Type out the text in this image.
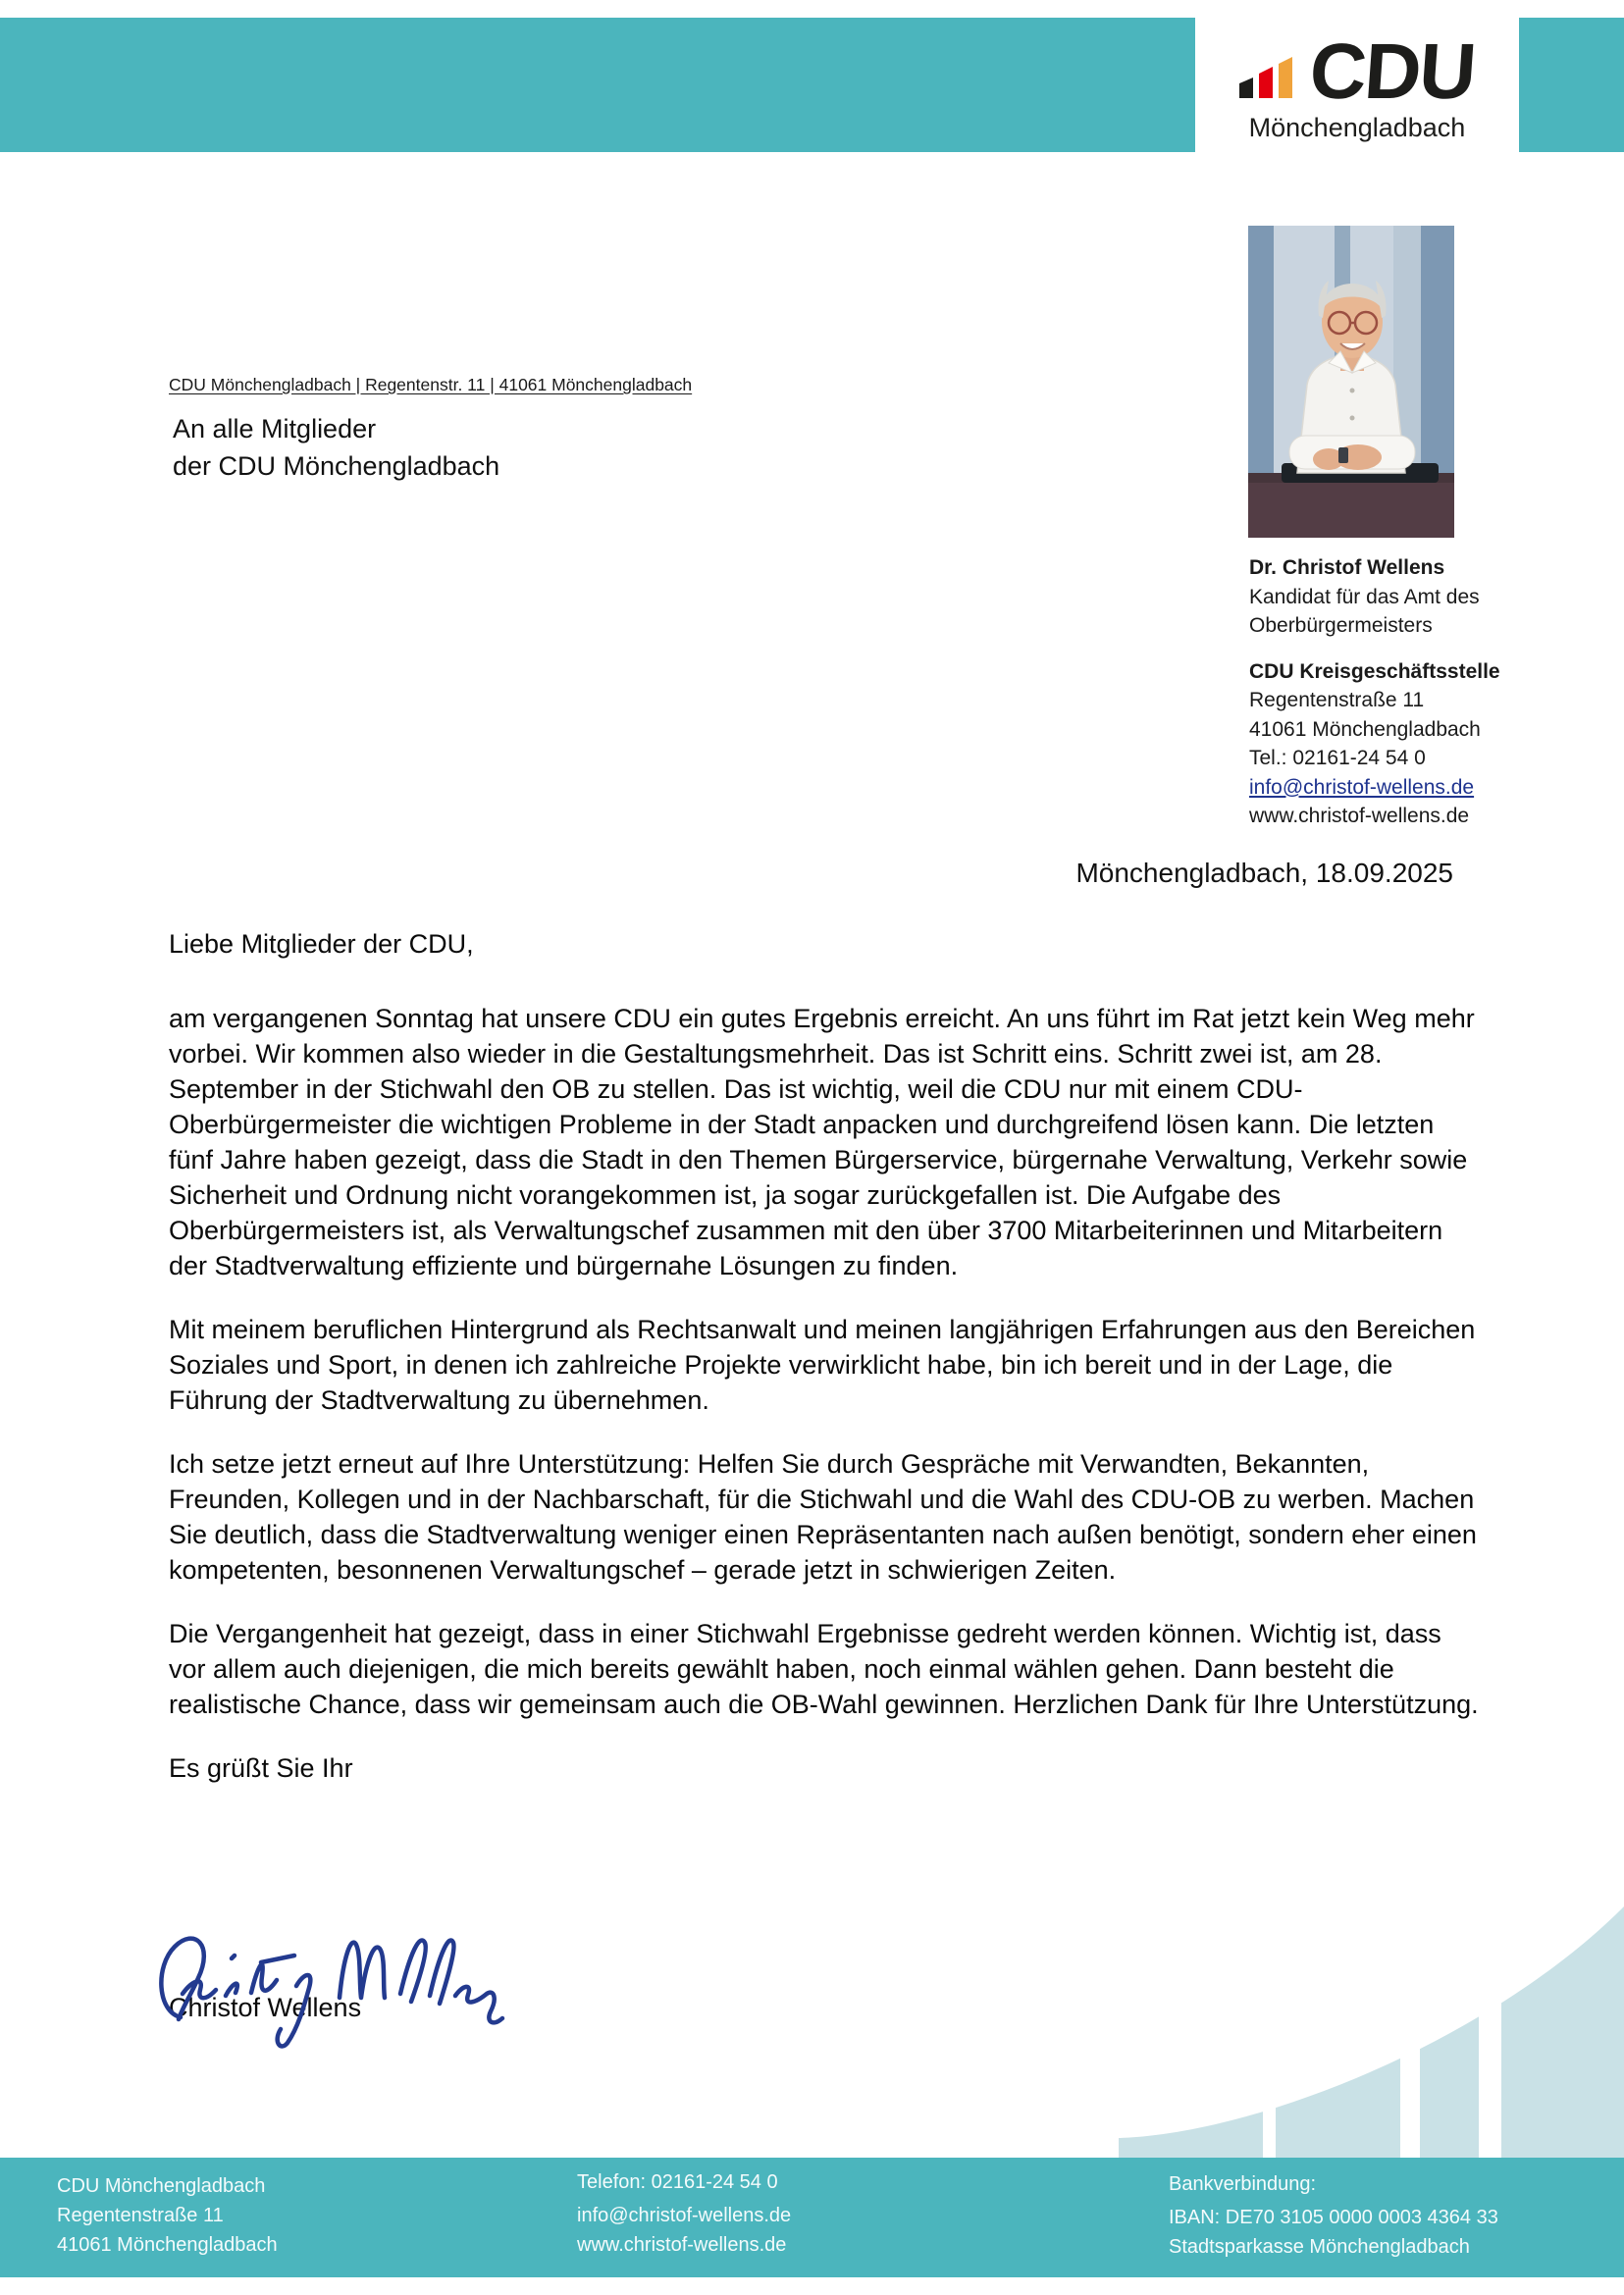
CDU
Mönchengladbach
CDU Mönchengladbach | Regentenstr. 11 | 41061 Mönchengladbach
An alle Mitglieder
der CDU Mönchengladbach
Dr. Christof Wellens
Kandidat für das Amt des
Oberbürgermeisters
CDU Kreisgeschäftsstelle
Regentenstraße 11
41061 Mönchengladbach
Tel.: 02161-24 54 0
info@christof-wellens.de
www.christof-wellens.de
Mönchengladbach, 18.09.2025

Liebe Mitglieder der CDU,

am vergangenen Sonntag hat unsere CDU ein gutes Ergebnis erreicht. An uns führt im Rat jetzt kein Weg mehr vorbei. Wir kommen also wieder in die Gestaltungsmehrheit. Das ist Schritt eins. Schritt zwei ist, am 28. September in der Stichwahl den OB zu stellen. Das ist wichtig, weil die CDU nur mit einem CDU-Oberbürgermeister die wichtigen Probleme in der Stadt anpacken und durchgreifend lösen kann. Die letzten fünf Jahre haben gezeigt, dass die Stadt in den Themen Bürgerservice, bürgernahe Verwaltung, Verkehr sowie Sicherheit und Ordnung nicht vorangekommen ist, ja sogar zurückgefallen ist. Die Aufgabe des Oberbürgermeisters ist, als Verwaltungschef zusammen mit den über 3700 Mitarbeiterinnen und Mitarbeitern der Stadtverwaltung effiziente und bürgernahe Lösungen zu finden.

Mit meinem beruflichen Hintergrund als Rechtsanwalt und meinen langjährigen Erfahrungen aus den Bereichen Soziales und Sport, in denen ich zahlreiche Projekte verwirklicht habe, bin ich bereit und in der Lage, die Führung der Stadtverwaltung zu übernehmen.

Ich setze jetzt erneut auf Ihre Unterstützung: Helfen Sie durch Gespräche mit Verwandten, Bekannten, Freunden, Kollegen und in der Nachbarschaft, für die Stichwahl und die Wahl des CDU-OB zu werben. Machen Sie deutlich, dass die Stadtverwaltung weniger einen Repräsentanten nach außen benötigt, sondern eher einen kompetenten, besonnenen Verwaltungschef – gerade jetzt in schwierigen Zeiten.

Die Vergangenheit hat gezeigt, dass in einer Stichwahl Ergebnisse gedreht werden können. Wichtig ist, dass vor allem auch diejenigen, die mich bereits gewählt haben, noch einmal wählen gehen. Dann besteht die realistische Chance, dass wir gemeinsam auch die OB-Wahl gewinnen. Herzlichen Dank für Ihre Unterstützung.

Es grüßt Sie Ihr

Christof Wellens
CDU Mönchengladbach
Regentenstraße 11
41061 Mönchengladbach
Telefon: 02161-24 54 0
info@christof-wellens.de
www.christof-wellens.de
Bankverbindung:
IBAN: DE70 3105 0000 0003 4364 33
Stadtsparkasse Mönchengladbach
